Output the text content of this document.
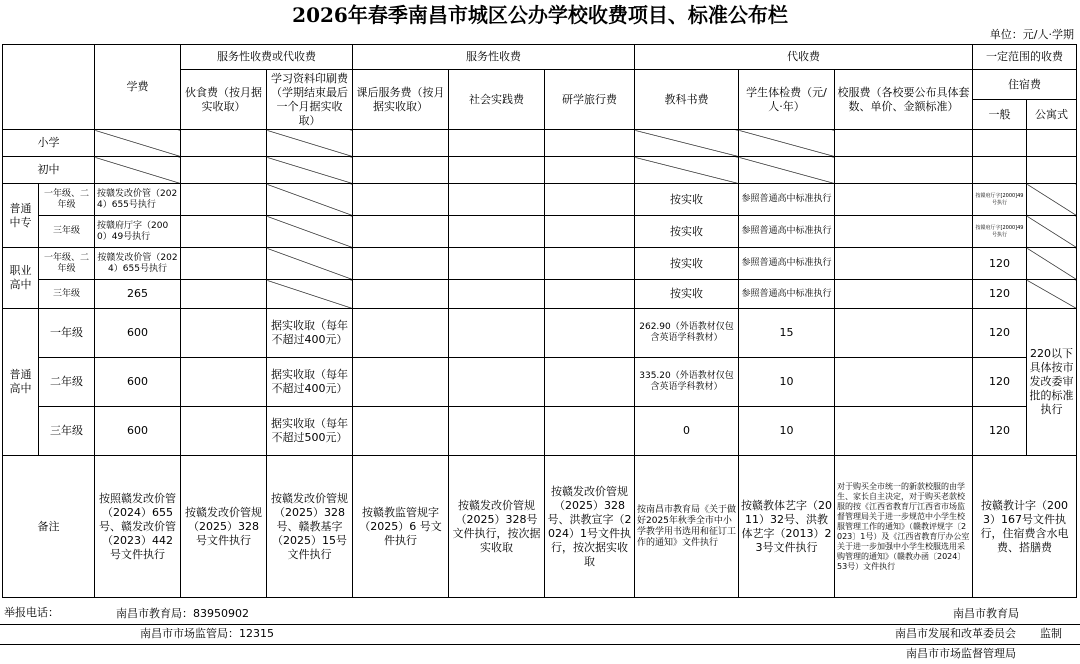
2026年春季南昌市城区公办学校收费项目、标准公布栏
单位：元/人·学期
		学费	服务性收费或代收费		服务性收费			代收费			一定范围的收费	
			伙食费（按月据实收取）	学习资料印刷费（学期结束最后一个月据实收取）	课后服务费（按月据实收取）	社会实践费	研学旅行费	教科书费	学生体检费（元/人·年）	校服费（各校要公布具体套数、单价、金额标准）	住宿费	
											一般	公寓式
小学												
初中												
普通中专	一年级、二年级	按赣发改价管（2024）655号执行						按实收	参照普通高中标准执行		按赣府厅字[2000]49号执行	
	三年级	按赣府厅字（2000）49号执行						按实收	参照普通高中标准执行		按赣府厅字[2000]49号执行	
职业高中	一年级、二年级	按赣发改价管（2024）655号执行						按实收	参照普通高中标准执行		120	
	三年级	265						按实收	参照普通高中标准执行		120	
普通高中	一年级	600		据实收取（每年不超过400元）				262.90（外语教材仅包含英语学科教材）	15		120	220以下具体按市发改委审批的标准执行
	二年级	600		据实收取（每年不超过400元）				335.20（外语教材仅包含英语学科教材）	10		120	
	三年级	600		据实收取（每年不超过500元）				0	10		120	
备注		按照赣发改价管（2024）655号、赣发改价管（2023）442号文件执行	按赣发改价管规（2025）328号文件执行	按赣发改价管规（2025）328号、赣教基字（2025）15号文件执行	按赣教监管规字（2025）6 号文件执行	按赣发改价管规（2025）328号文件执行，按次据实收取	按赣发改价管规（2025）328号、洪教宣字（2024）1号文件执行，按次据实收取	按南昌市教育局《关于做好2025年秋季全市中小学教学用书选用和征订工作的通知》文件执行	按赣教体艺字（2011）32号、洪教体艺字（2013）23号文件执行	对于购买全市统一的新款校服的由学生、家长自主决定，对于购买老款校服的按《江西省教育厅江西省市场监督管理局关于进一步规范中小学生校服管理工作的通知》（赣教评规字〔2023〕1号）及《江西省教育厅办公室关于进一步加强中小学生校服选用采购管理的通知》（赣教办函〔2024〕53号）文件执行	按赣教计字（2003）167号文件执行，住宿费含水电费、搭膳费	
举报电话：	南昌市教育局：83950902
南昌市市场监管局：12315
南昌市教育局
南昌市发展和改革委员会 监制
南昌市市场监督管理局
